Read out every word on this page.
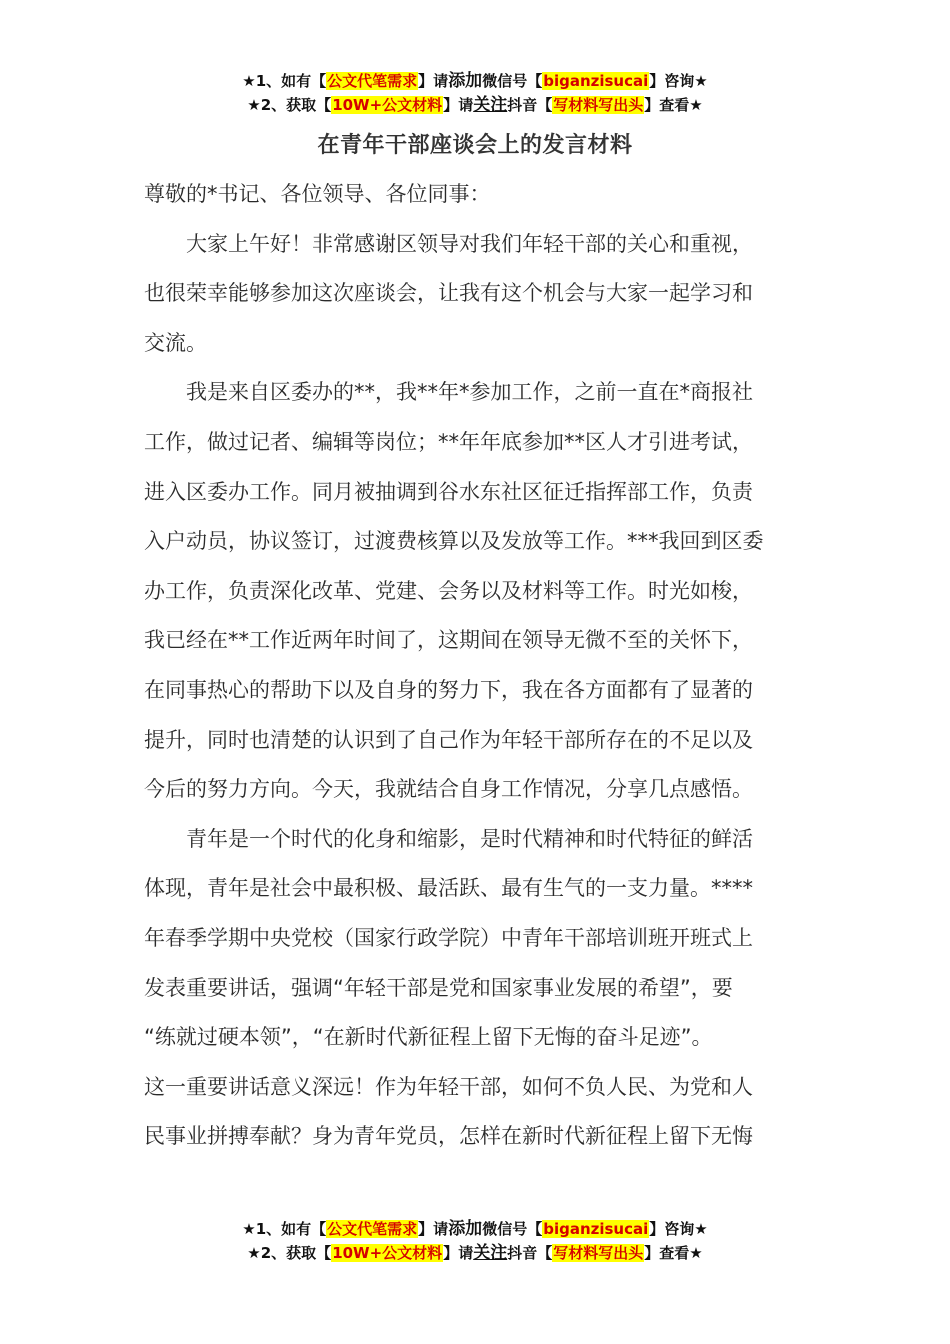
★1、如有【公文代笔需求】请添加微信号【biganzisucai】咨询★
★2、获取【10W+公文材料】请关注抖音【写材料写出头】查看★
在青年干部座谈会上的发言材料

尊敬的*书记、各位领导、各位同事：

　　大家上午好！非常感谢区领导对我们年轻干部的关心和重视，

也很荣幸能够参加这次座谈会，让我有这个机会与大家一起学习和

交流。

　　我是来自区委办的**，我**年*参加工作，之前一直在*商报社

工作，做过记者、编辑等岗位；**年年底参加**区人才引进考试，

进入区委办工作。同月被抽调到谷水东社区征迁指挥部工作，负责

入户动员，协议签订，过渡费核算以及发放等工作。***我回到区委

办工作，负责深化改革、党建、会务以及材料等工作。时光如梭，

我已经在**工作近两年时间了，这期间在领导无微不至的关怀下，

在同事热心的帮助下以及自身的努力下，我在各方面都有了显著的

提升，同时也清楚的认识到了自己作为年轻干部所存在的不足以及

今后的努力方向。今天，我就结合自身工作情况，分享几点感悟。

　　青年是一个时代的化身和缩影，是时代精神和时代特征的鲜活

体现，青年是社会中最积极、最活跃、最有生气的一支力量。****

年春季学期中央党校（国家行政学院）中青年干部培训班开班式上

发表重要讲话，强调“年轻干部是党和国家事业发展的希望”，要

“练就过硬本领”，“在新时代新征程上留下无悔的奋斗足迹”。

这一重要讲话意义深远！作为年轻干部，如何不负人民、为党和人

民事业拼搏奉献？身为青年党员，怎样在新时代新征程上留下无悔

★1、如有【公文代笔需求】请添加微信号【biganzisucai】咨询★
★2、获取【10W+公文材料】请关注抖音【写材料写出头】查看★
